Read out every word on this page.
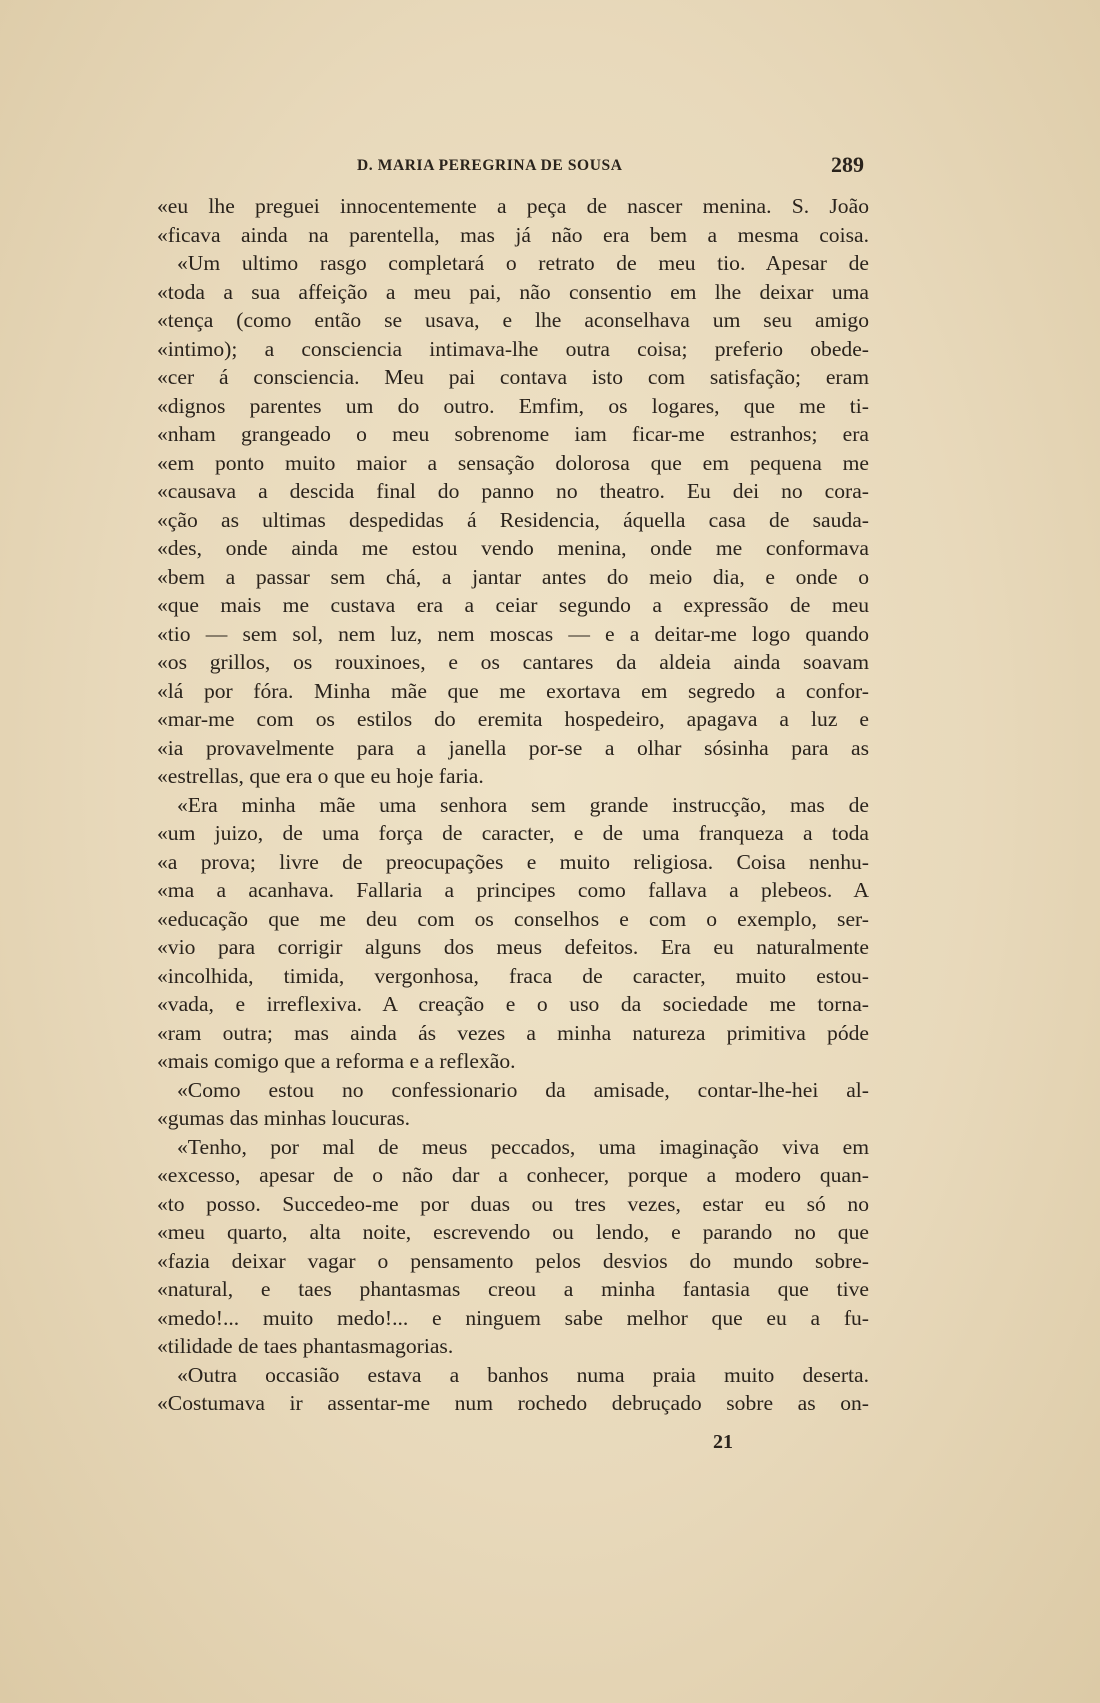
D. MARIA PEREGRINA DE SOUSA	289
«eu lhe preguei innocentemente a peça de nascer menina. S. João
«ficava ainda na parentella, mas já não era bem a mesma coisa.
«Um ultimo rasgo completará o retrato de meu tio. Apesar de
«toda a sua affeição a meu pai, não consentio em lhe deixar uma
«tença (como então se usava, e lhe aconselhava um seu amigo
«intimo); a consciencia intimava-lhe outra coisa; preferio obede-
«cer á consciencia. Meu pai contava isto com satisfação; eram
«dignos parentes um do outro. Emfim, os logares, que me ti-
«nham grangeado o meu sobrenome iam ficar-me estranhos; era
«em ponto muito maior a sensação dolorosa que em pequena me
«causava a descida final do panno no theatro. Eu dei no cora-
«ção as ultimas despedidas á Residencia, áquella casa de sauda-
«des, onde ainda me estou vendo menina, onde me conformava
«bem a passar sem chá, a jantar antes do meio dia, e onde o
«que mais me custava era a ceiar segundo a expressão de meu
«tio — sem sol, nem luz, nem moscas — e a deitar-me logo quando
«os grillos, os rouxinoes, e os cantares da aldeia ainda soavam
«lá por fóra. Minha mãe que me exortava em segredo a confor-
«mar-me com os estilos do eremita hospedeiro, apagava a luz e
«ia provavelmente para a janella por-se a olhar sósinha para as
«estrellas, que era o que eu hoje faria.
«Era minha mãe uma senhora sem grande instrucção, mas de
«um juizo, de uma força de caracter, e de uma franqueza a toda
«a prova; livre de preocupações e muito religiosa. Coisa nenhu-
«ma a acanhava. Fallaria a principes como fallava a plebeos. A
«educação que me deu com os conselhos e com o exemplo, ser-
«vio para corrigir alguns dos meus defeitos. Era eu naturalmente
«incolhida, timida, vergonhosa, fraca de caracter, muito estou-
«vada, e irreflexiva. A creação e o uso da sociedade me torna-
«ram outra; mas ainda ás vezes a minha natureza primitiva póde
«mais comigo que a reforma e a reflexão.
«Como estou no confessionario da amisade, contar-lhe-hei al-
«gumas das minhas loucuras.
«Tenho, por mal de meus peccados, uma imaginação viva em
«excesso, apesar de o não dar a conhecer, porque a modero quan-
«to posso. Succedeo-me por duas ou tres vezes, estar eu só no
«meu quarto, alta noite, escrevendo ou lendo, e parando no que
«fazia deixar vagar o pensamento pelos desvios do mundo sobre-
«natural, e taes phantasmas creou a minha fantasia que tive
«medo!... muito medo!... e ninguem sabe melhor que eu a fu-
«tilidade de taes phantasmagorias.
«Outra occasião estava a banhos numa praia muito deserta.
«Costumava ir assentar-me num rochedo debruçado sobre as on-
21
